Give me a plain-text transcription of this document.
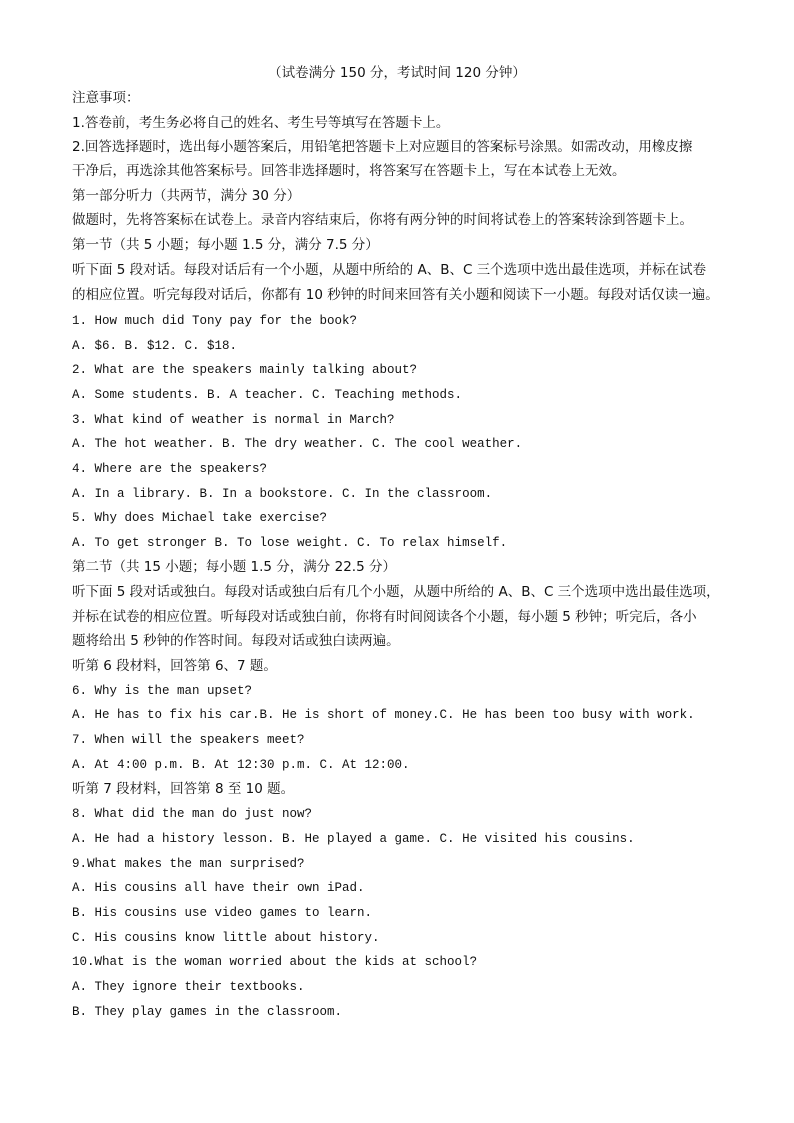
（试卷满分 150 分，考试时间 120 分钟）
注意事项：
1.答卷前，考生务必将自己的姓名、考生号等填写在答题卡上。
2.回答选择题时，选出每小题答案后，用铅笔把答题卡上对应题目的答案标号涂黑。如需改动，用橡皮擦
干净后，再选涂其他答案标号。回答非选择题时，将答案写在答题卡上，写在本试卷上无效。
第一部分听力（共两节，满分 30 分）
做题时，先将答案标在试卷上。录音内容结束后，你将有两分钟的时间将试卷上的答案转涂到答题卡上。
第一节（共 5 小题；每小题 1.5 分，满分 7.5 分）
听下面 5 段对话。每段对话后有一个小题，从题中所给的 A、B、C 三个选项中选出最佳选项，并标在试卷
的相应位置。听完每段对话后，你都有 10 秒钟的时间来回答有关小题和阅读下一小题。每段对话仅读一遍。
1. How much did Tony pay for the book?
A. $6. B. $12. C. $18.
2. What are the speakers mainly talking about?
A. Some students. B. A teacher. C. Teaching methods.
3. What kind of weather is normal in March?
A. The hot weather. B. The dry weather. C. The cool weather.
4. Where are the speakers?
A. In a library. B. In a bookstore. C. In the classroom.
5. Why does Michael take exercise?
A. To get stronger B. To lose weight. C. To relax himself.
第二节（共 15 小题；每小题 1.5 分，满分 22.5 分）
听下面 5 段对话或独白。每段对话或独白后有几个小题，从题中所给的 A、B、C 三个选项中选出最佳选项，
并标在试卷的相应位置。听每段对话或独白前，你将有时间阅读各个小题，每小题 5 秒钟；听完后，各小
题将给出 5 秒钟的作答时间。每段对话或独白读两遍。
听第 6 段材料，回答第 6、7 题。
6. Why is the man upset?
A. He has to fix his car.B. He is short of money.C. He has been too busy with work.
7. When will the speakers meet?
A. At 4:00 p.m. B. At 12:30 p.m. C. At 12:00.
听第 7 段材料，回答第 8 至 10 题。
8. What did the man do just now?
A. He had a history lesson. B. He played a game. C. He visited his cousins.
9.What makes the man surprised?
A. His cousins all have their own iPad.
B. His cousins use video games to learn.
C. His cousins know little about history.
10.What is the woman worried about the kids at school?
A. They ignore their textbooks.
B. They play games in the classroom.
